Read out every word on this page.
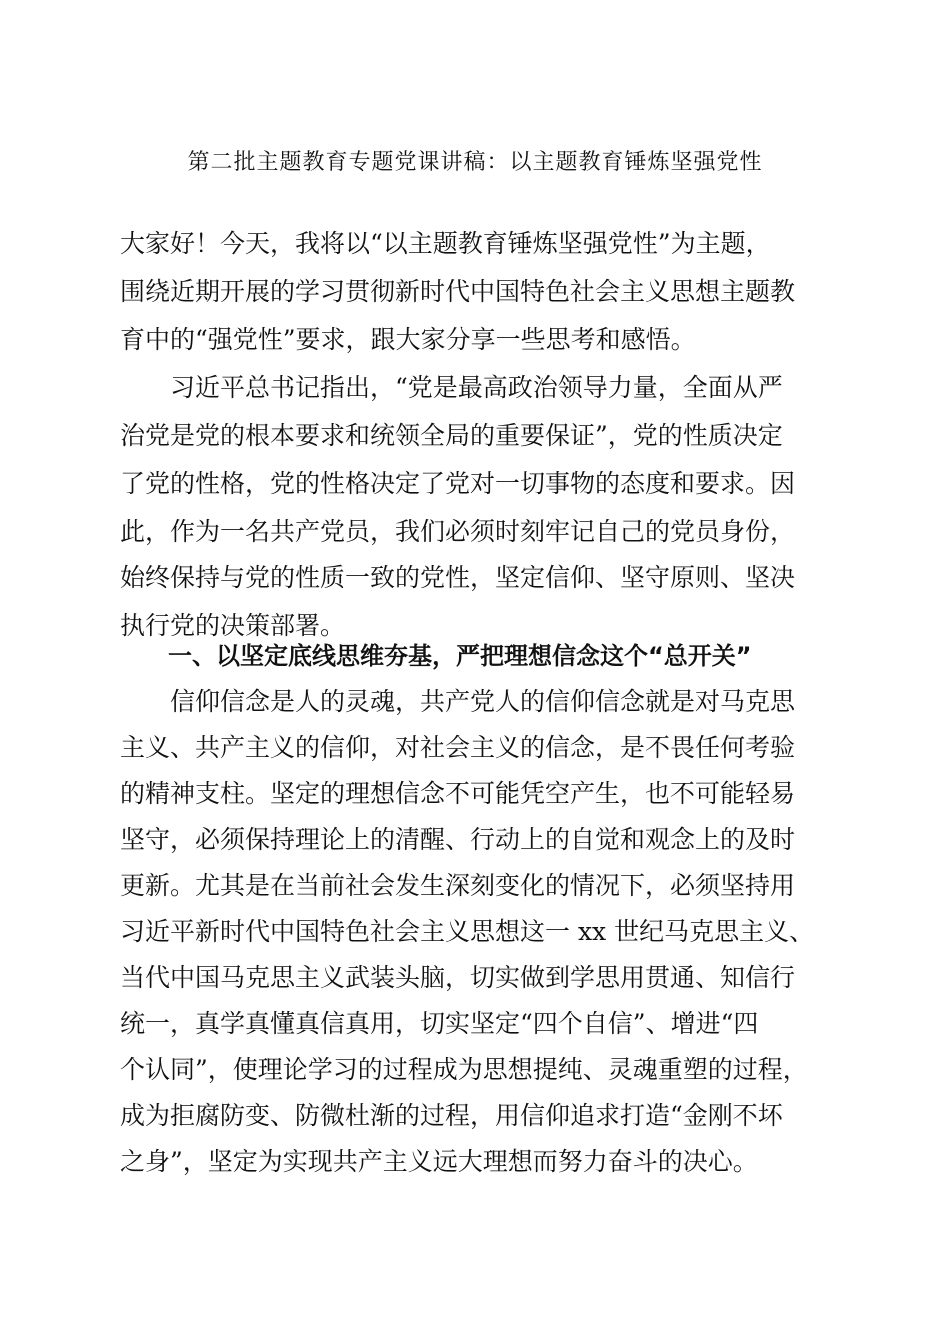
第二批主题教育专题党课讲稿：以主题教育锤炼坚强党性
大家好！今天，我将以“以主题教育锤炼坚强党性”为主题，
围绕近期开展的学习贯彻新时代中国特色社会主义思想主题教
育中的“强党性”要求，跟大家分享一些思考和感悟。
习近平总书记指出，“党是最高政治领导力量，全面从严
治党是党的根本要求和统领全局的重要保证”，党的性质决定
了党的性格，党的性格决定了党对一切事物的态度和要求。因
此，作为一名共产党员，我们必须时刻牢记自己的党员身份，
始终保持与党的性质一致的党性，坚定信仰、坚守原则、坚决
执行党的决策部署。
一、以坚定底线思维夯基，严把理想信念这个“总开关”
信仰信念是人的灵魂，共产党人的信仰信念就是对马克思
主义、共产主义的信仰，对社会主义的信念，是不畏任何考验
的精神支柱。坚定的理想信念不可能凭空产生，也不可能轻易
坚守，必须保持理论上的清醒、行动上的自觉和观念上的及时
更新。尤其是在当前社会发生深刻变化的情况下，必须坚持用
习近平新时代中国特色社会主义思想这一 xx 世纪马克思主义、
当代中国马克思主义武装头脑，切实做到学思用贯通、知信行
统一，真学真懂真信真用，切实坚定“四个自信”、增进“四
个认同”，使理论学习的过程成为思想提纯、灵魂重塑的过程，
成为拒腐防变、防微杜渐的过程，用信仰追求打造“金刚不坏
之身”，坚定为实现共产主义远大理想而努力奋斗的决心。
